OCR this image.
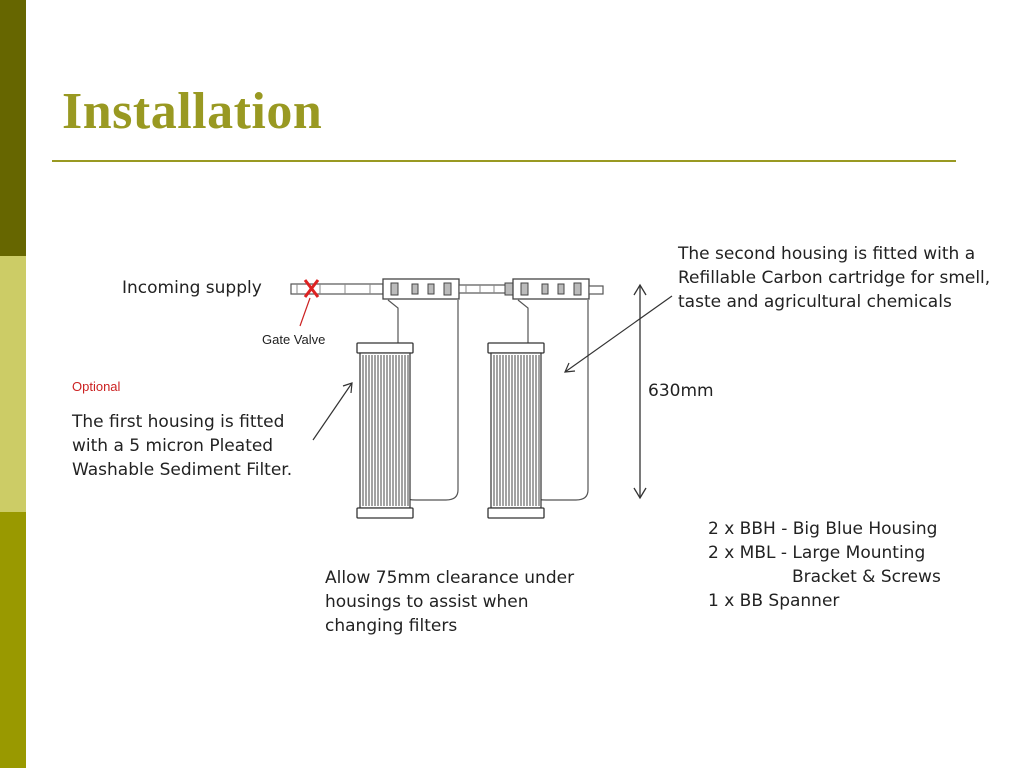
Installation
Incoming supply
Gate Valve
Optional
The first housing is fitted
with a 5 micron Pleated
Washable Sediment Filter.
The second housing is fitted with a
Refillable Carbon cartridge for smell,
taste and agricultural chemicals
630mm
Allow 75mm clearance under
housings to assist when
changing filters
2 x BBH - Big Blue Housing
2 x MBL - Large Mounting
Bracket & Screws
1 x BB Spanner
